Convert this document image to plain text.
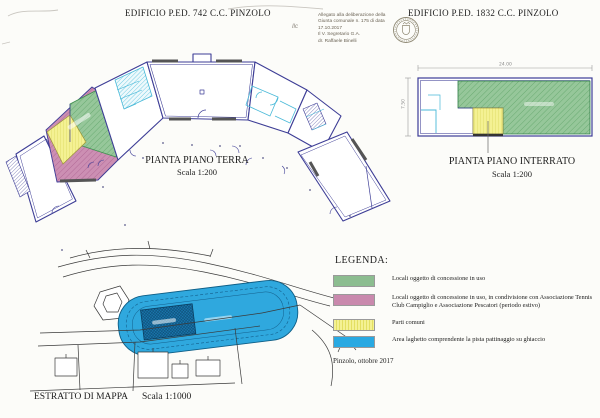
24.00
7.50
EDIFICIO P.ED. 742 C.C. PINZOLO	EDIFICIO P.ED. 1832 C.C. PINZOLO
Ilc
Allegato alla deliberazione della
Giunta comunale n. 175 di data
17.10.2017
Il V. Segretario G.A.
dr. Raffaele Binelli
PIANTA PIANO TERRA
Scala 1:200
PIANTA PIANO INTERRATO
Scala 1:200
LEGENDA:
Locali oggetto di concessione in uso
Locali oggetto di concessione in uso, in condivisione con Associazione Tennis Club Campiglio e Associazione Pescatori (periodo estivo)
Parti comuni
Area laghetto comprendente la pista pattinaggio su ghiaccio
Pinzolo, ottobre 2017
ESTRATTO DI MAPPA Scala 1:1000
